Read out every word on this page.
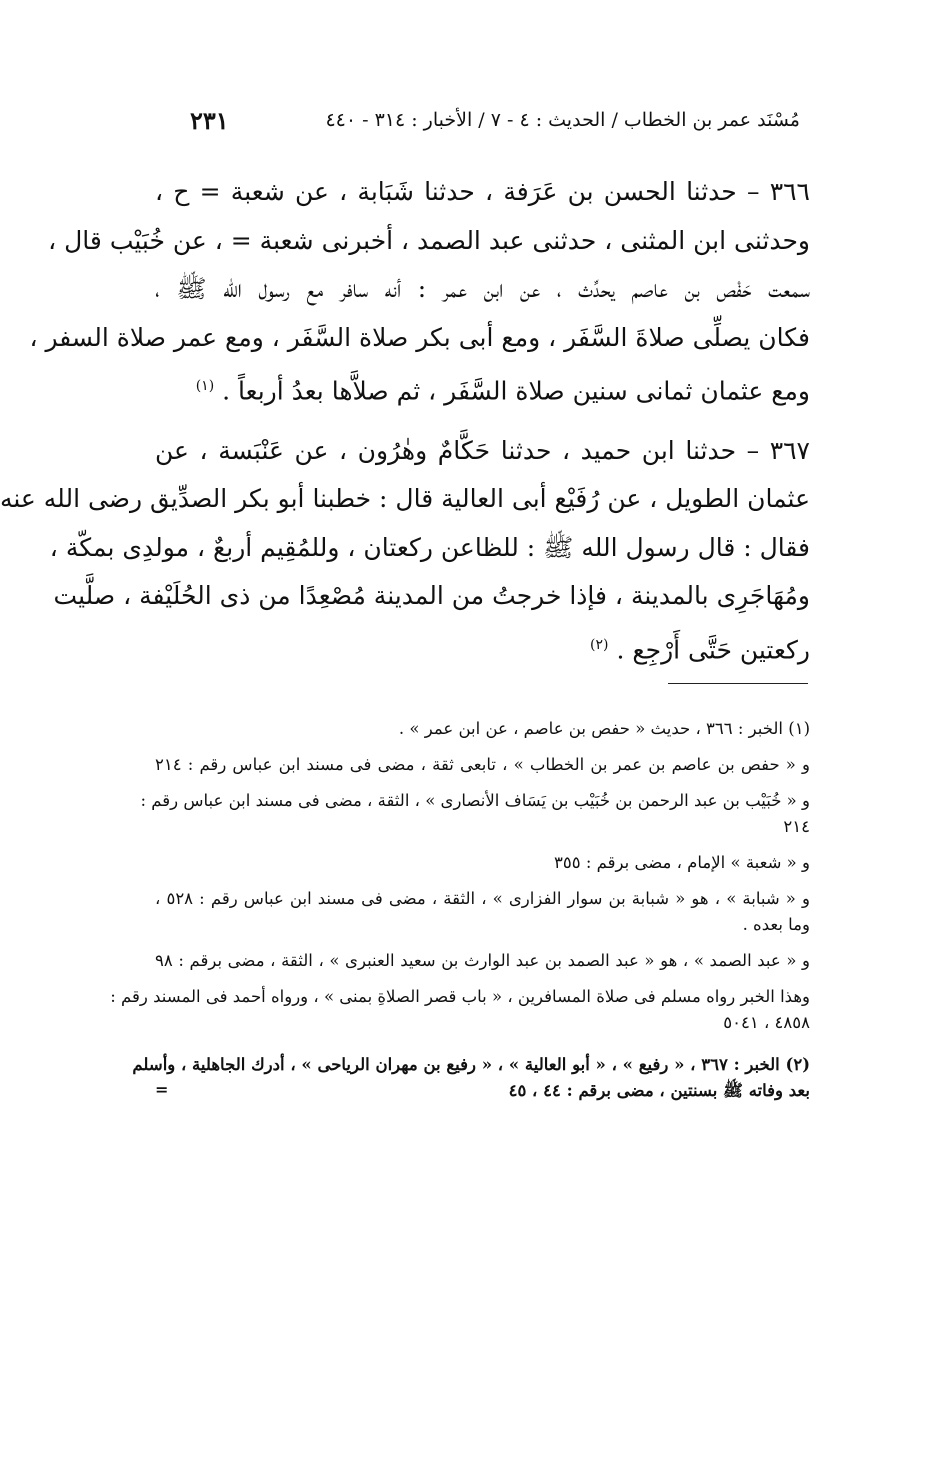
مُسْنَد عمر بن الخطاب / الحديث : ٤ - ٧ / الأخبار : ٣١٤ - ٤٤٠
٢٣١
٣٦٦ – حدثنا الحسن بن عَرَفة ، حدثنا شَبَابة ، عن شعبة = ح ،
وحدثنى ابن المثنى ، حدثنى عبد الصمد ، أخبرنى شعبة = ، عن خُبَيْب قال ،
سمعت حَفْص بن عاصم يحدِّث ، عن ابن عمر : أنه سافر مع رسول الله ﷺ ،
فكان يصلِّى صلاةَ السَّفَر ، ومع أبى بكر صلاة السَّفَر ، ومع عمر صلاة السفر ،
ومع عثمان ثمانى سنين صلاة السَّفَر ، ثم صلاَّها بعدُ أربعاً . $^{(١)}$
٣٦٧ – حدثنا ابن حميد ، حدثنا حَكَّامٌ وهٰرُون ، عن عَنْبَسة ، عن
عثمان الطويل ، عن رُفَيْع أبى العالية قال : خطبنا أبو بكر الصدِّيق رضى الله عنه
فقال : قال رسول الله ﷺ : للظاعن ركعتان ، وللمُقِيم أربعٌ ، مولدِى بمكّة ،
ومُهَاجَرِى بالمدينة ، فإذا خرجتُ من المدينة مُصْعِدًا من ذى الحُلَيْفة ، صلَّيت
ركعتين حَتَّى أَرْجِع . $^{(٢)}$
(١) الخبر : ٣٦٦ ، حديث « حفص بن عاصم ، عن ابن عمر » .
و « حفص بن عاصم بن عمر بن الخطاب » ، تابعى ثقة ، مضى فى مسند ابن عباس رقم : ٢١٤
و « خُبَيْب بن عبد الرحمن بن خُبَيْب بن يَسَاف الأنصارى » ، الثقة ، مضى فى مسند ابن عباس رقم :
٢١٤
و « شعبة » الإمام ، مضى برقم : ٣٥٥
و « شبابة » ، هو « شبابة بن سوار الفزارى » ، الثقة ، مضى فى مسند ابن عباس رقم : ٥٢٨ ،
وما بعده .
و « عبد الصمد » ، هو « عبد الصمد بن عبد الوارث بن سعيد العنبرى » ، الثقة ، مضى برقم : ٩٨
وهذا الخبر رواه مسلم فى صلاة المسافرين ، « باب قصر الصلاةِ بمنى » ، ورواه أحمد فى المسند رقم :
٤٨٥٨ ، ٥٠٤١
(٢) الخبر : ٣٦٧ ، « رفيع » ، « أبو العالية » ، « رفيع بن مهران الرياحى » ، أدرك الجاهلية ، وأسلم
بعد وفاته ﷺ بسنتين ، مضى برقم : ٤٤ ، ٤٥
=
